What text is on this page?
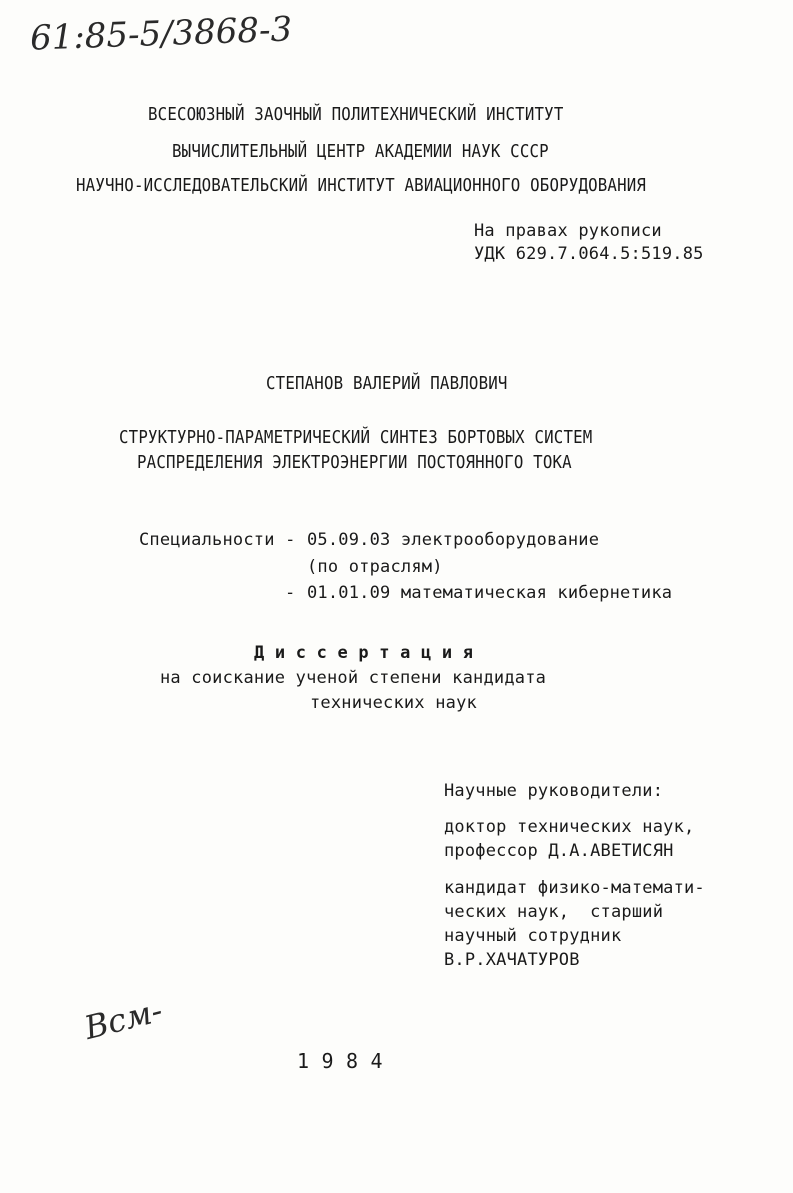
61:85-5/3868-3
ВСЕСОЮЗНЫЙ ЗАОЧНЫЙ ПОЛИТЕХНИЧЕСКИЙ ИНСТИТУТ
ВЫЧИСЛИТЕЛЬНЫЙ ЦЕНТР АКАДЕМИИ НАУК СССР
НАУЧНО-ИССЛЕДОВАТЕЛЬСКИЙ ИНСТИТУТ АВИАЦИОННОГО ОБОРУДОВАНИЯ
На правах рукописи
УДК 629.7.064.5:519.85
СТЕПАНОВ ВАЛЕРИЙ ПАВЛОВИЧ
СТРУКТУРНО-ПАРАМЕТРИЧЕСКИЙ СИНТЕЗ БОРТОВЫХ СИСТЕМ
РАСПРЕДЕЛЕНИЯ ЭЛЕКТРОЭНЕРГИИ ПОСТОЯННОГО ТОКА
Специальности - 05.09.03 электрооборудование
(по отраслям)
- 01.01.09 математическая кибернетика
Д и с с е р т а ц и я
на соискание ученой степени кандидата
технических наук
Научные руководители:
доктор технических наук,
профессор Д.А.АВЕТИСЯН
кандидат физико-математи-
ческих наук,  старший
научный сотрудник
В.Р.ХАЧАТУРОВ
Всм-
1 9 8 4
